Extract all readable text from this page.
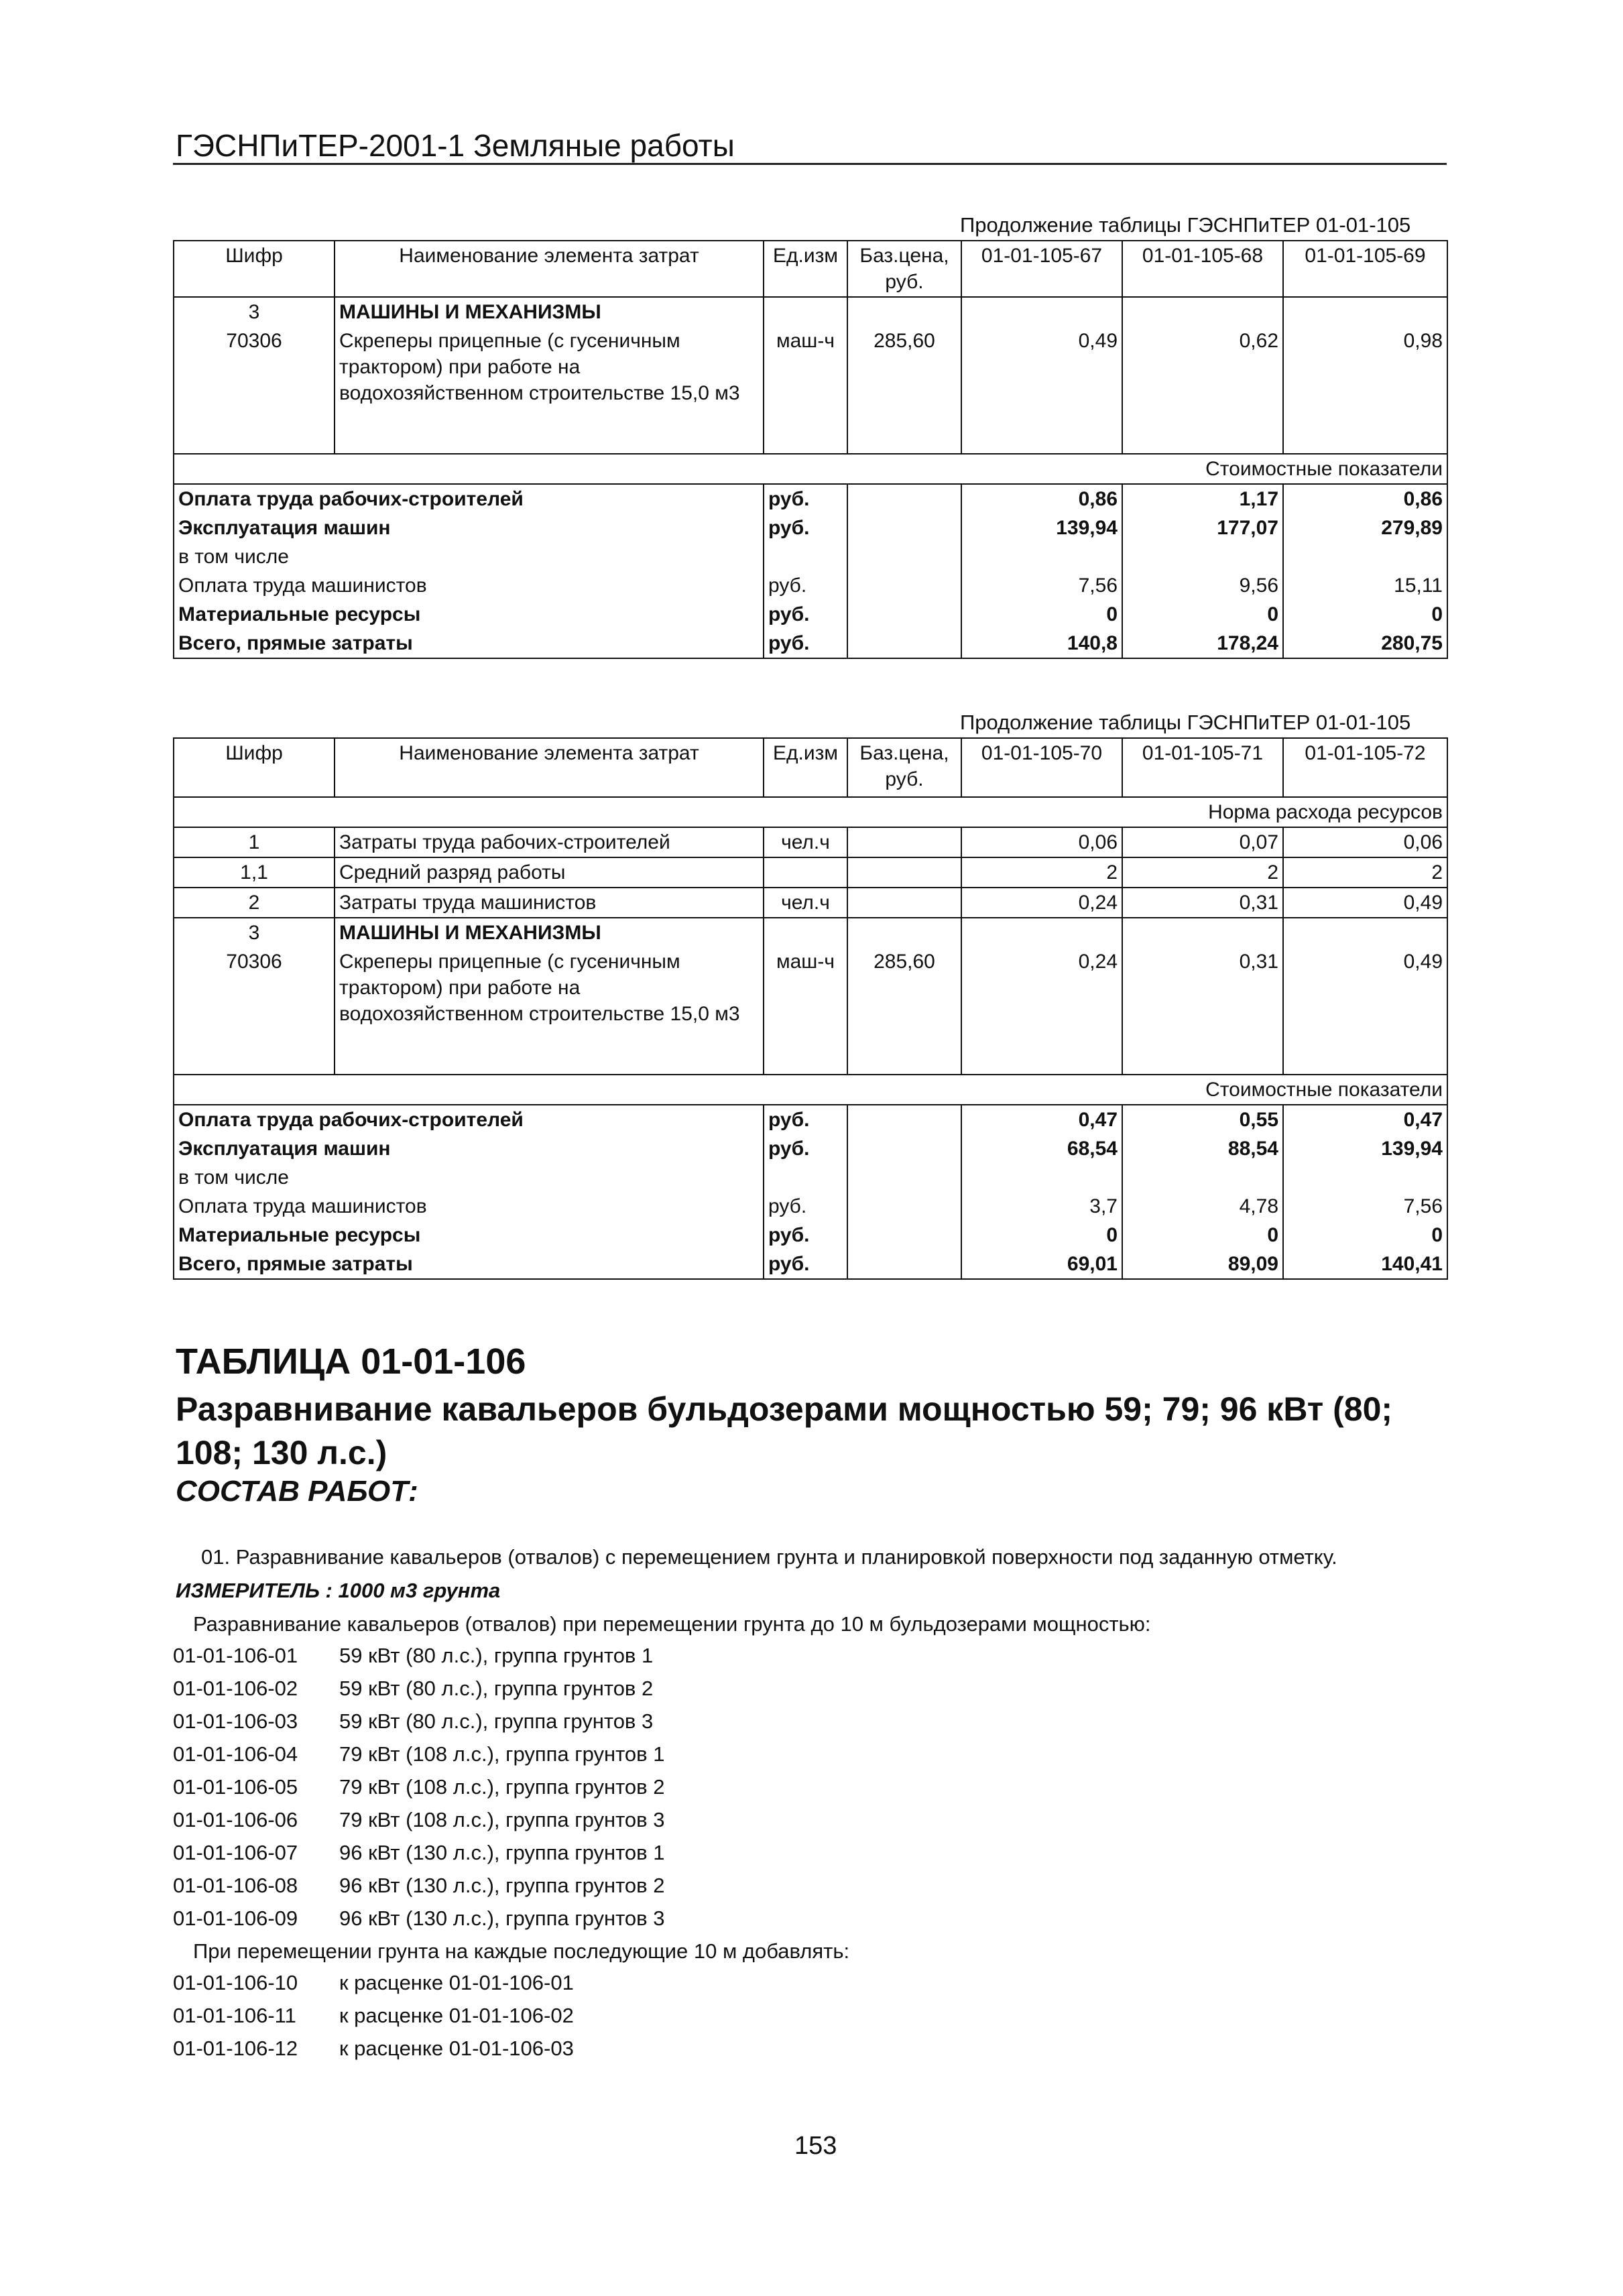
ГЭСНПиТЕР-2001-1 Земляные работы
Продолжение таблицы ГЭСНПиТЕР 01-01-105
Шифр	Наименование элемента затрат	Ед.изм	Баз.цена, руб.	01-01-105-67	01-01-105-68	01-01-105-69
3	МАШИНЫ И МЕХАНИЗМЫ					
70306	Скреперы прицепные (с гусеничным трактором) при работе на водохозяйственном строительстве 15,0 м3	маш-ч	285,60	0,49	0,62	0,98
Стоимостные показатели						
Оплата труда рабочих-строителей		руб.		0,86	1,17	0,86
Эксплуатация машин		руб.		139,94	177,07	279,89
в том числе						
Оплата труда машинистов		руб.		7,56	9,56	15,11
Материальные ресурсы		руб.		0	0	0
Всего, прямые затраты		руб.		140,8	178,24	280,75
Продолжение таблицы ГЭСНПиТЕР 01-01-105
Шифр	Наименование элемента затрат	Ед.изм	Баз.цена, руб.	01-01-105-70	01-01-105-71	01-01-105-72
Норма расхода ресурсов						
1	Затраты труда рабочих-строителей	чел.ч		0,06	0,07	0,06
1,1	Средний разряд работы			2	2	2
2	Затраты труда машинистов	чел.ч		0,24	0,31	0,49
3	МАШИНЫ И МЕХАНИЗМЫ					
70306	Скреперы прицепные (с гусеничным трактором) при работе на водохозяйственном строительстве 15,0 м3	маш-ч	285,60	0,24	0,31	0,49
Стоимостные показатели						
Оплата труда рабочих-строителей		руб.		0,47	0,55	0,47
Эксплуатация машин		руб.		68,54	88,54	139,94
в том числе						
Оплата труда машинистов		руб.		3,7	4,78	7,56
Материальные ресурсы		руб.		0	0	0
Всего, прямые затраты		руб.		69,01	89,09	140,41
ТАБЛИЦА 01-01-106
Разравнивание кавальеров бульдозерами мощностью 59; 79; 96 кВт (80; 108; 130 л.с.)
СОСТАВ РАБОТ:
01. Разравнивание кавальеров (отвалов) с перемещением грунта и планировкой поверхности под заданную отметку.
ИЗМЕРИТЕЛЬ : 1000 м3 грунта
Разравнивание кавальеров (отвалов) при перемещении грунта до 10 м бульдозерами мощностью:
01-01-106-01	59 кВт (80 л.с.), группа грунтов 1
01-01-106-02	59 кВт (80 л.с.), группа грунтов 2
01-01-106-03	59 кВт (80 л.с.), группа грунтов 3
01-01-106-04	79 кВт (108 л.с.), группа грунтов 1
01-01-106-05	79 кВт (108 л.с.), группа грунтов 2
01-01-106-06	79 кВт (108 л.с.), группа грунтов 3
01-01-106-07	96 кВт (130 л.с.), группа грунтов 1
01-01-106-08	96 кВт (130 л.с.), группа грунтов 2
01-01-106-09	96 кВт (130 л.с.), группа грунтов 3
При перемещении грунта на каждые последующие 10 м добавлять:
01-01-106-10	к расценке 01-01-106-01
01-01-106-11	к расценке 01-01-106-02
01-01-106-12	к расценке 01-01-106-03
153
